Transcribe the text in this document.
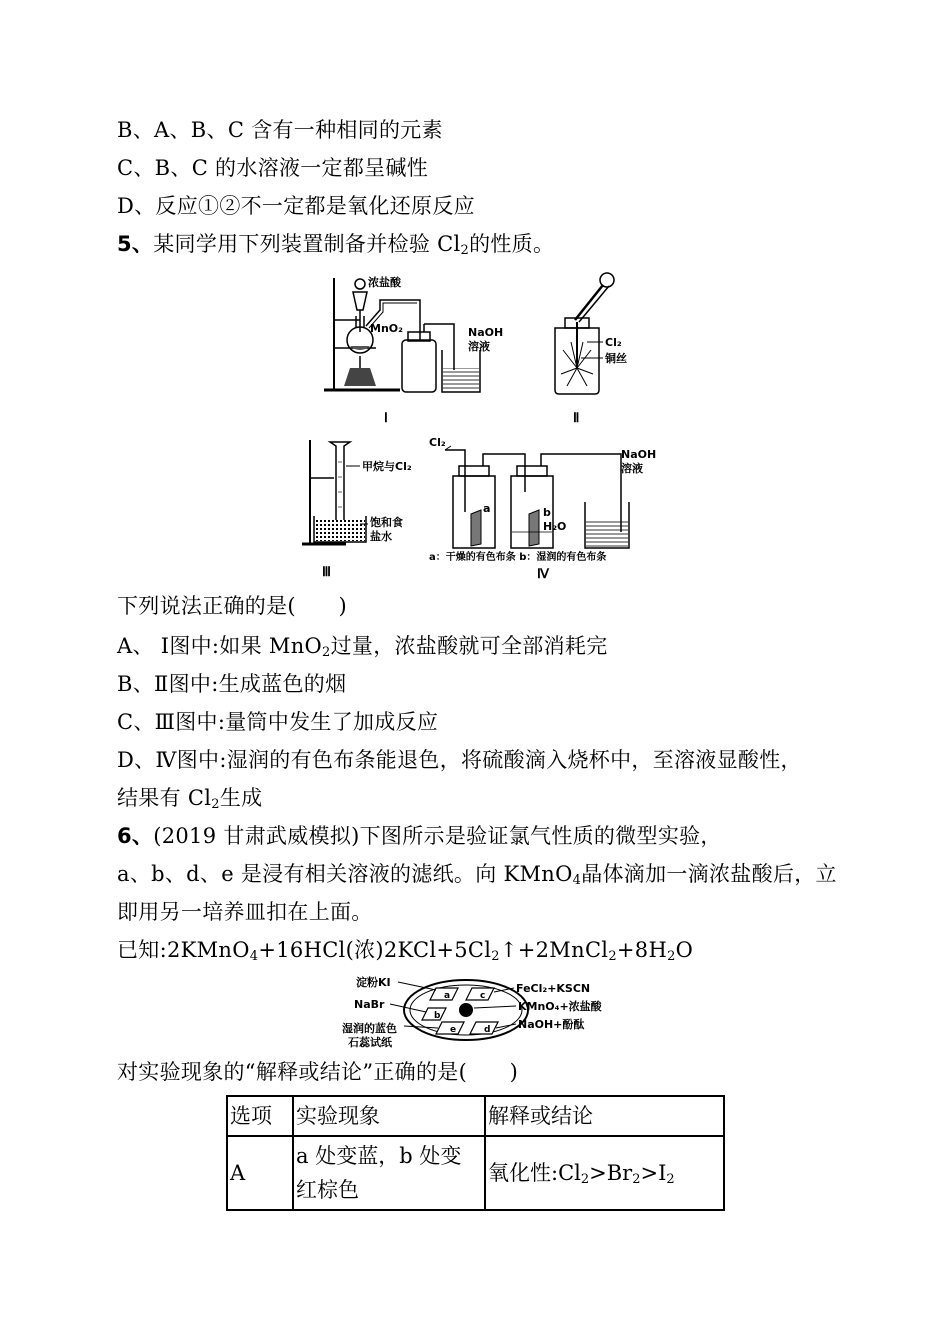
B、A、B、C 含有一种相同的元素
C、B、C 的水溶液一定都呈碱性
D、反应①②不一定都是氧化还原反应
5、某同学用下列装置制备并检验 $Cl_2$的性质。
浓盐酸
MnO₂	NaOH
溶液
Ⅰ
Cl₂
铜丝
Ⅱ
甲烷与Cl₂
饱和食
盐水
Ⅲ
Cl₂
a	b
H₂O
NaOH
溶液
a：干燥的有色布条 b：湿润的有色布条
Ⅳ
下列说法正确的是(　　)
A、 Ⅰ图中:如果 MnO$_2$过量，浓盐酸就可全部消耗完
B、Ⅱ图中:生成蓝色的烟
C、Ⅲ图中:量筒中发生了加成反应
D、Ⅳ图中:湿润的有色布条能退色，将硫酸滴入烧杯中，至溶液显酸性，
结果有 $Cl_2$生成
6、(2019 甘肃武威模拟)下图所示是验证氯气性质的微型实验，
a、b、d、e 是浸有相关溶液的滤纸。向 KMnO$_4$晶体滴加一滴浓盐酸后，立
即用另一培养皿扣在上面。
已知:2KMnO$_4$+16HCl(浓)$2KCl+5Cl_2↑+2MnCl_2+8H_2O$
a	c
b
e	d
淀粉KI
NaBr
湿润的蓝色
石蕊试纸
FeCl₂+KSCN
KMnO₄+浓盐酸
NaOH+酚酞
对实验现象的“解释或结论”正确的是(　　)
选项	实验现象	解释或结论
A	a 处变蓝，b 处变红棕色	氧化性$:Cl_2>Br_2>I_2$
